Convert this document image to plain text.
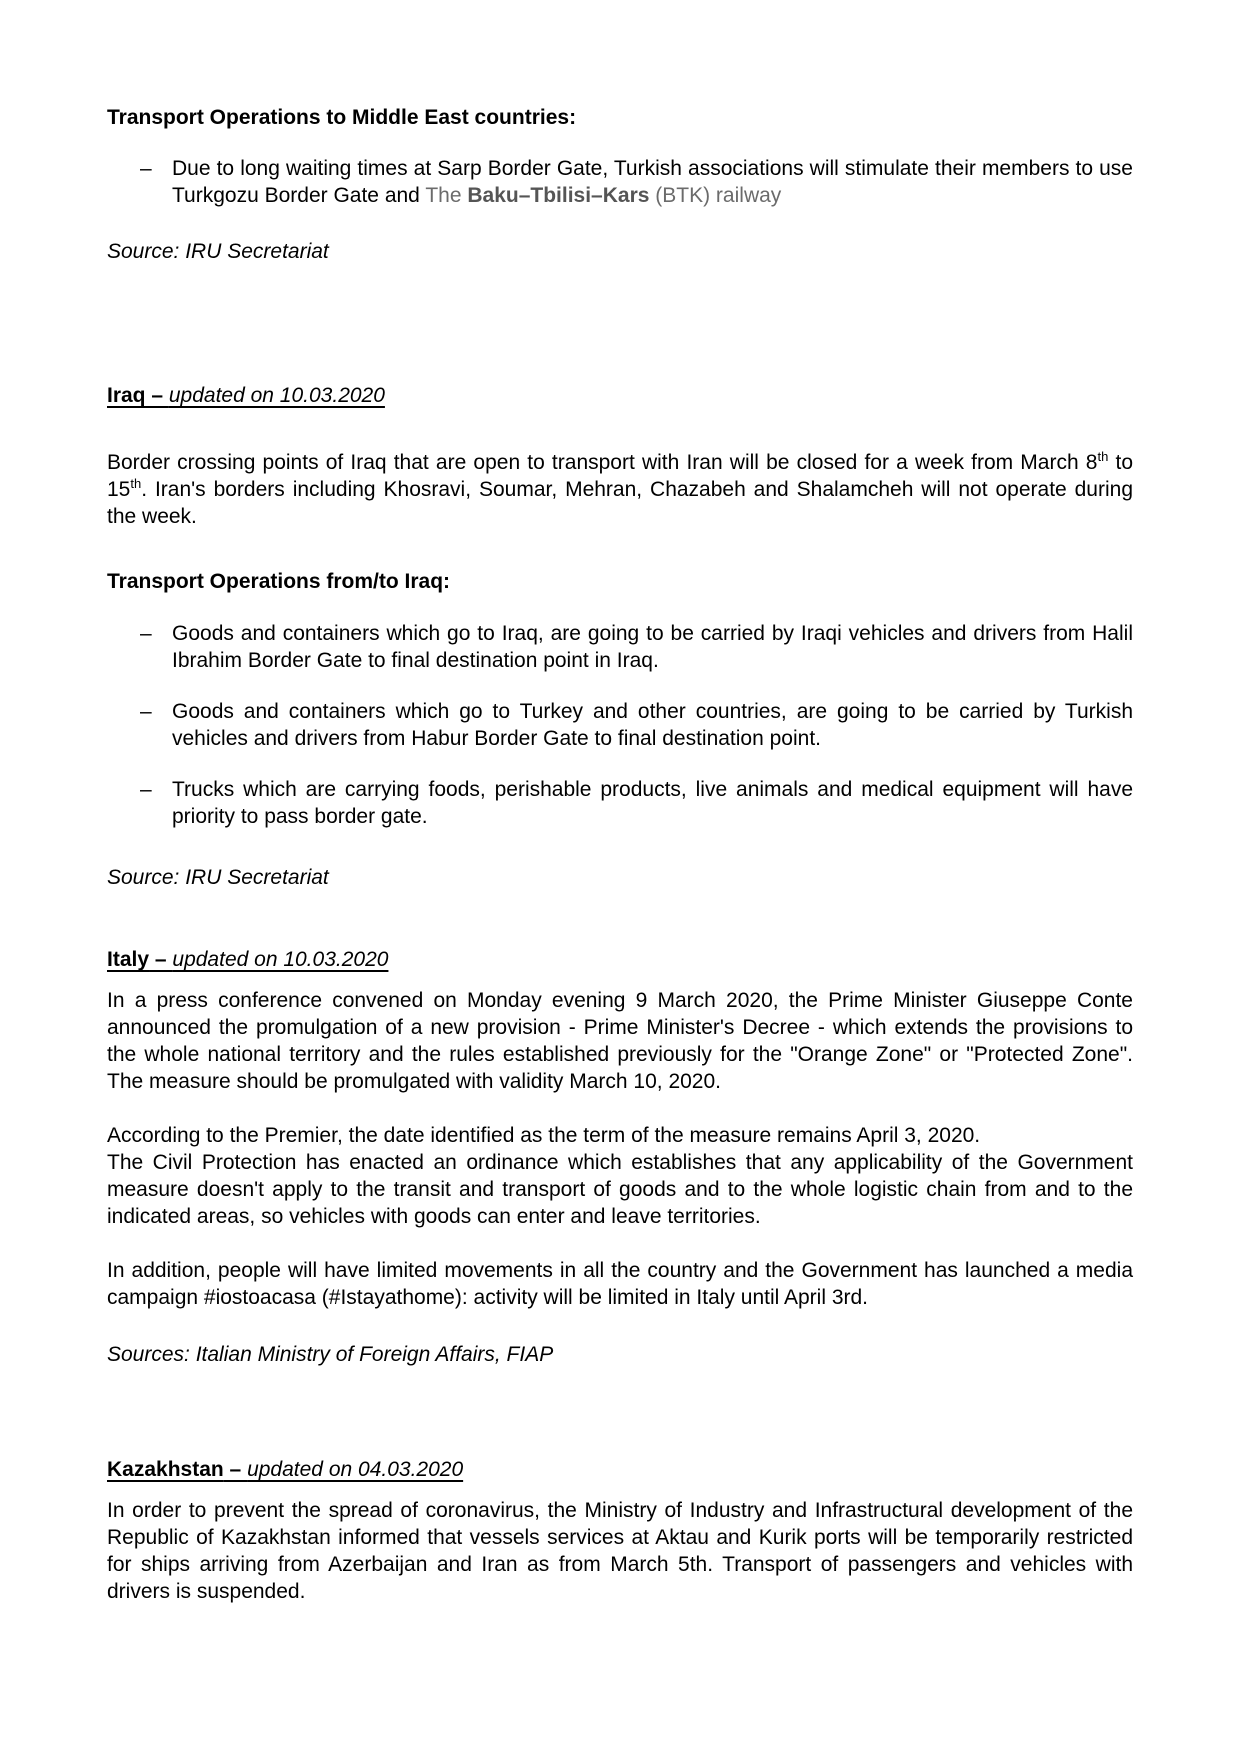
Transport Operations to Middle East countries:

– Due to long waiting times at Sarp Border Gate, Turkish associations will stimulate their members to use Turkgozu Border Gate and The Baku–Tbilisi–Kars (BTK) railway

Source: IRU Secretariat

Iraq – updated on 10.03.2020

Border crossing points of Iraq that are open to transport with Iran will be closed for a week from March 8th to 15th. Iran's borders including Khosravi, Soumar, Mehran, Chazabeh and Shalamcheh will not operate during the week.

Transport Operations from/to Iraq:

– Goods and containers which go to Iraq, are going to be carried by Iraqi vehicles and drivers from Halil Ibrahim Border Gate to final destination point in Iraq.

– Goods and containers which go to Turkey and other countries, are going to be carried by Turkish vehicles and drivers from Habur Border Gate to final destination point.

– Trucks which are carrying foods, perishable products, live animals and medical equipment will have priority to pass border gate.

Source: IRU Secretariat

Italy – updated on 10.03.2020

In a press conference convened on Monday evening 9 March 2020, the Prime Minister Giuseppe Conte announced the promulgation of a new provision - Prime Minister's Decree - which extends the provisions to the whole national territory and the rules established previously for the "Orange Zone" or "Protected Zone". The measure should be promulgated with validity March 10, 2020.

According to the Premier, the date identified as the term of the measure remains April 3, 2020.

The Civil Protection has enacted an ordinance which establishes that any applicability of the Government measure doesn't apply to the transit and transport of goods and to the whole logistic chain from and to the indicated areas, so vehicles with goods can enter and leave territories.

In addition, people will have limited movements in all the country and the Government has launched a media campaign #iostoacasa (#Istayathome): activity will be limited in Italy until April 3rd.

Sources: Italian Ministry of Foreign Affairs, FIAP

Kazakhstan – updated on 04.03.2020

In order to prevent the spread of coronavirus, the Ministry of Industry and Infrastructural development of the Republic of Kazakhstan informed that vessels services at Aktau and Kurik ports will be temporarily restricted for ships arriving from Azerbaijan and Iran as from March 5th. Transport of passengers and vehicles with drivers is suspended.
